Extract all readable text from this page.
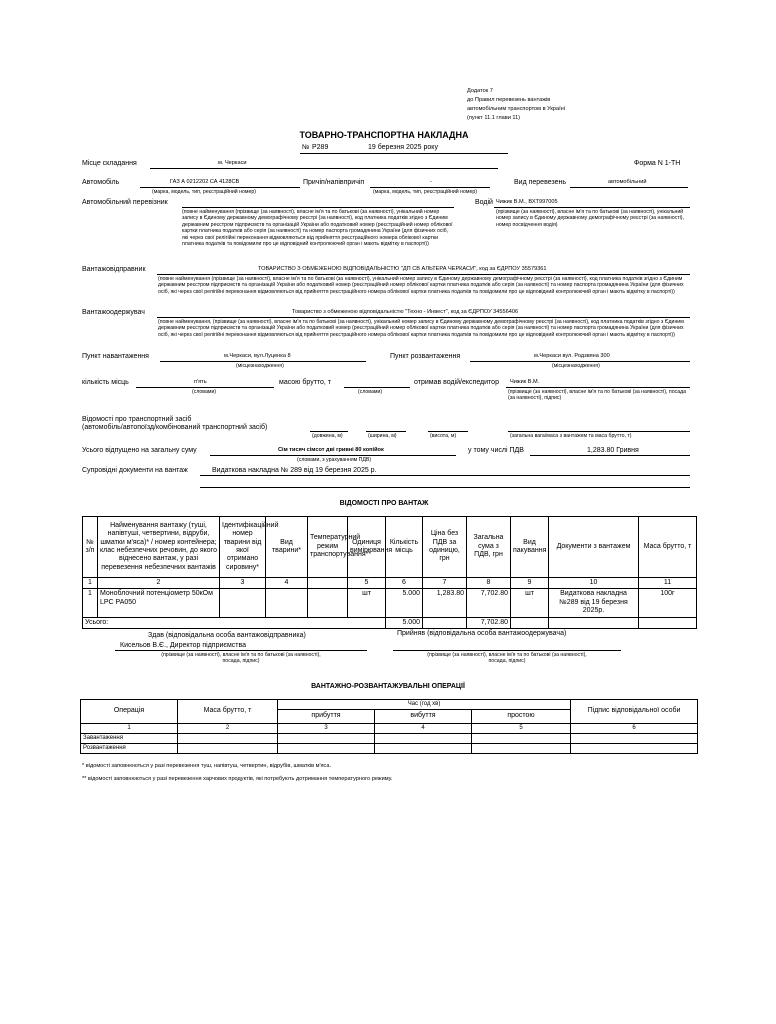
Додаток 7
до Правил перевезень вантажів
автомобільним транспортом в Україні
(пункт 11.1 глави 11)
ТОВАРНО-ТРАНСПОРТНА НАКЛАДНА
№ Р289	19 березня 2025 року
Місце складання	м. Черкаси	Форма N 1-ТН
Автомобіль	ГАЗ А 0212202 СА 4128СВ
(марка, модель, тип, реєстраційний номер)
Причіп/напівпричіп	-
(марка, модель, тип, реєстраційний номер)
Вид перевезень	автомобільний
Автомобільний перевізник
(повне найменування (прізвище (за наявності), власне ім'я та по батькові (за наявності), унікальний номер запису в Єдиному державному демографічному реєстрі (за наявності), код платника податків згідно з Єдиним державним реєстром підприємств та організацій України або податковий номер (реєстраційний номер облікової картки платника податків або серія (за наявності) та номер паспорта громадянина України (для фізичних осіб, які через свої релігійні переконання відмовляються від прийняття реєстраційного номера облікової картки платника податків та повідомили про це відповідний контролюючий орган і мають відмітку в паспорті))
Водій Чижик В.М., ВХТ997005
(прізвище (за наявності), власне ім'я та по батькові (за наявності), унікальний номер запису в Єдиному державному демографічному реєстрі (за наявності), номер посвідчення водія)
Вантажовідправник	ТОВАРИСТВО З ОБМЕЖЕНОЮ ВІДПОВІДАЛЬНІСТЮ "ДП СВ АЛЬТЕРА ЧЕРКАСИ", код за ЄДРПОУ 35579361
(повне найменування (прізвище (за наявності), власне ім'я та по батькові (за наявності), унікальний номер запису в Єдиному державному демографічному реєстрі (за наявності), код платника податків згідно з Єдиним державним реєстром підприємств та організацій України або податковий номер (реєстраційний номер облікової картки платника податків або серія (за наявності) та номер паспорта громадянина України (для фізичних осіб, які через свої релігійні переконання відмовляються від прийняття реєстраційного номера облікової картки платника податків та повідомили про це відповідний контролюючий орган і мають відмітку в паспорті))
Вантажоодержувач	Товариство з обмеженою відповідальністю "Техно - Инвест", код за ЄДРПОУ 34556406
(повне найменування, (прізвище (за наявності), власне ім'я та по батькові (за наявності), унікальний номер запису в Єдиному державному демографічному реєстрі (за наявності), код платника податків згідно з Єдиним державним реєстром підприємств та організацій України або податковий номер (реєстраційний номер облікової картки платника податків або серія (за наявності) та номер паспорта громадянина України (для фізичних осіб, які через свої релігійні переконання відмовляються від прийняття реєстраційного номера облікової картки платника податків та повідомили про це відповідний контролюючий орган і мають відмітку в паспорті))
Пункт навантаження	м.Черкаси, вул.Луценка 8
(місцезнаходження)
Пункт розвантаження	м.Черкаси вул. Родзвяна 300
(місцезнаходження)
кількість місць	п'ять
(словами)
масою брутто, т
(словами)
отримав водій/експедитор Чижик В.М.
(прізвище (за наявності), власне ім'я та по батькові (за наявності), посада (за наявності), підпис)
Відомості про транспортний засіб
(автомобіль/автопоїзд/комбінований транспортний засіб)
(довжина, м)	(ширина, м)	(висота, м)	(загальна вага/маса з вантажем та маса брутто, т)
Усього відпущено на загальну суму	Сім тисяч сімсот дві гривні 80 копійок
(словами, з урахуванням ПДВ)
у тому числі ПДВ	1,283.80 Гривня
Супровідні документи на вантаж	Видаткова накладна № 289 від 19 березня 2025 р.
ВІДОМОСТІ ПРО ВАНТАЖ
№ з/п	Найменування вантажу (туші, напівтуші, четвертини, відруби, шматки м'яса)* / номер контейнера; клас небезпечних речовин, до якого віднесено вантаж, у разі перевезення небезпечних вантажів	Ідентифікаційний номер тварини від якої отримано сировину*	Вид тварини*	Температурний режим транспортування**	Одиниця вимірювання	Кількість місць	Ціна без ПДВ за одиницю, грн	Загальна сума з ПДВ, грн	Вид пакування	Документи з вантажем	Маса брутто, т
1	2	3	4		5	6	7	8	9	10	11
1	Моноблочний потенціометр 50кОм LPC PA050				шт	5.000	1,283.80	7,702.80	шт	Видаткова накладна №289 від 19 березня 2025р.	100г
Усього:						5.000		7,702.80			
Здав (відповідальна особа вантажовідправника)
Кисельов В.Є., Директор підприємства
(прізвище (за наявності), власне ім'я та по батькові (за наявності),
посада, підпис)
Прийняв (відповідальна особа вантажоодержувача)
(прізвище (за наявності), власне ім'я та по батькові (за наявності),
посада, підпис)
ВАНТАЖНО-РОЗВАНТАЖУВАЛЬНІ ОПЕРАЦІЇ
Операція	Маса брутто, т	Час (год хв)			Підпис відповідальної особи
		прибуття	вибуття	простою	
1	2	3	4	5	6
Завантаження					
Розвантаження					
* відомості заповнюються у разі перевезення туш, напівтуш, четвертин, відрубів, шматків м'яса.
** відомості заповнюються у разі перевезення харчових продуктів, які потребують дотримання температурного режиму.
